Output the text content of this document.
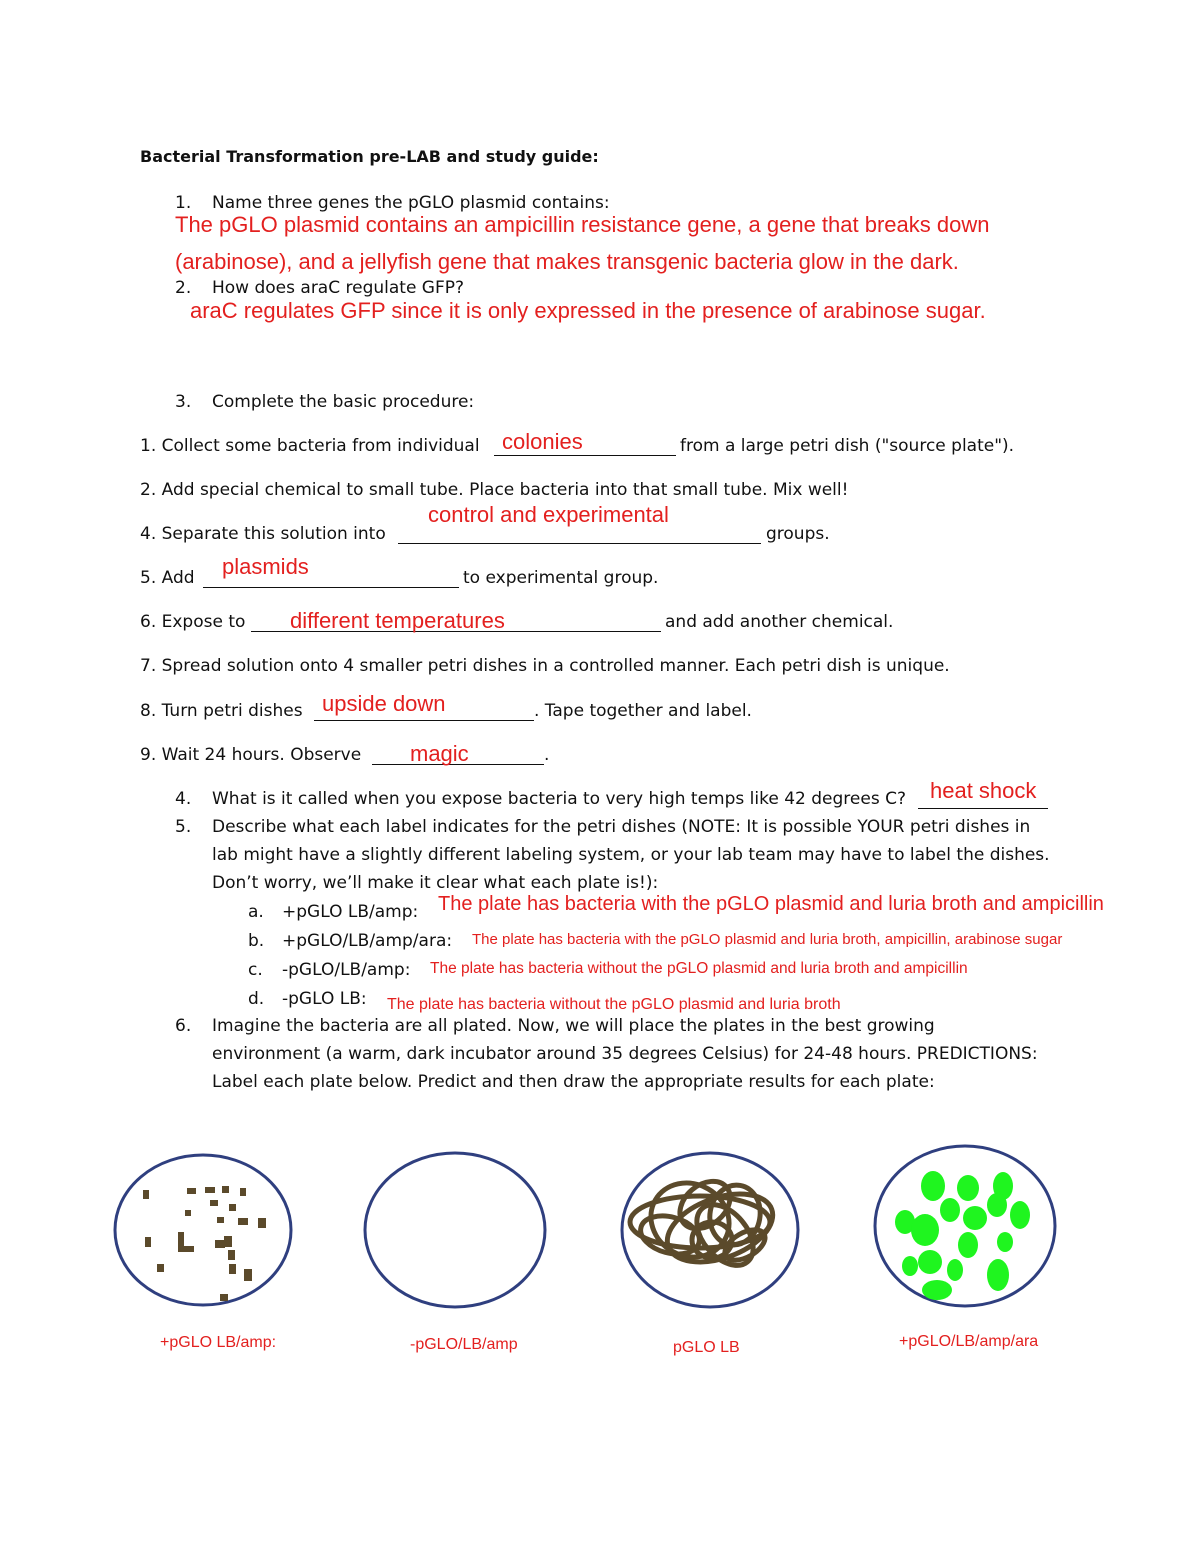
Bacterial Transformation pre-LAB and study guide:
1. Name three genes the pGLO plasmid contains:
The pGLO plasmid contains an ampicillin resistance gene, a gene that breaks down
(arabinose), and a jellyfish gene that makes transgenic bacteria glow in the dark.
2. How does araC regulate GFP?
araC regulates GFP since it is only expressed in the presence of arabinose sugar.
3. Complete the basic procedure:
1. Collect some bacteria from individual colonies	from a large petri dish ("source plate").
2. Add special chemical to small tube. Place bacteria into that small tube. Mix well!
4. Separate this solution into
control and experimental
groups.
5. Add plasmids	to experimental group.
6. Expose to different temperatures	and add another chemical.
7. Spread solution onto 4 smaller petri dishes in a controlled manner. Each petri dish is unique.
8. Turn petri dishes upside down	. Tape together and label.
9. Wait 24 hours. Observe magic	.
4. What is it called when you expose bacteria to very high temps like 42 degrees C? heat shock
5. Describe what each label indicates for the petri dishes (NOTE: It is possible YOUR petri dishes in
lab might have a slightly different labeling system, or your lab team may have to label the dishes.
Don’t worry, we’ll make it clear what each plate is!):
a. +pGLO LB/amp: The plate has bacteria with the pGLO plasmid and luria broth and ampicillin
b. +pGLO/LB/amp/ara: The plate has bacteria with the pGLO plasmid and luria broth, ampicillin, arabinose sugar
c. -pGLO/LB/amp: The plate has bacteria without the pGLO plasmid and luria broth and ampicillin
d. -pGLO LB: The plate has bacteria without the pGLO plasmid and luria broth
6. Imagine the bacteria are all plated. Now, we will place the plates in the best growing
environment (a warm, dark incubator around 35 degrees Celsius) for 24-48 hours. PREDICTIONS:
Label each plate below. Predict and then draw the appropriate results for each plate:
+pGLO LB/amp:	-pGLO/LB/amp	pGLO LB	+pGLO/LB/amp/ara
